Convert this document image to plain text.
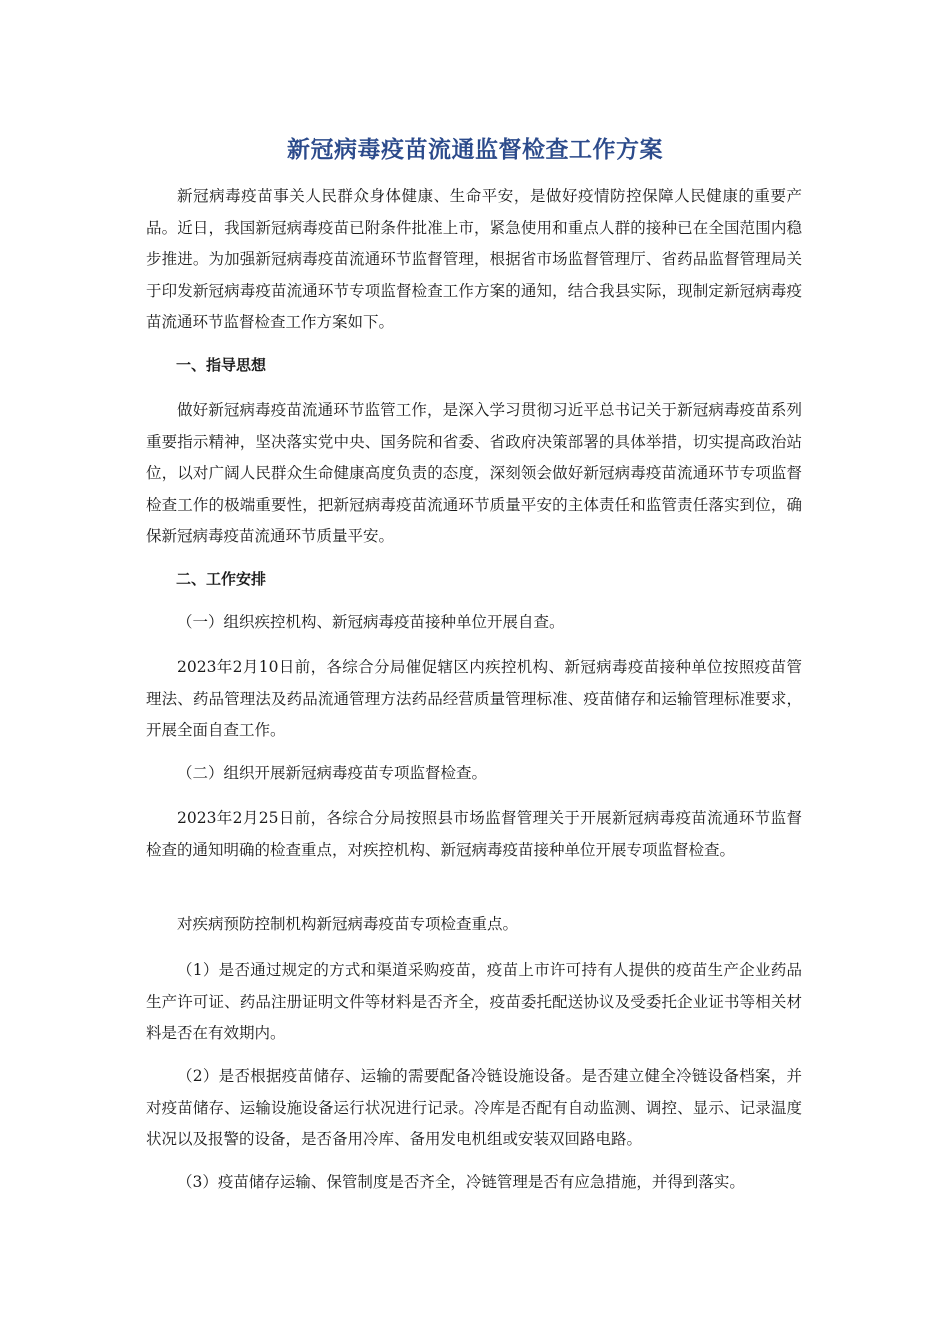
新冠病毒疫苗流通监督检查工作方案

新冠病毒疫苗事关人民群众身体健康、生命平安，是做好疫情防控保障人民健康的重要产品。近日，我国新冠病毒疫苗已附条件批准上市，紧急使用和重点人群的接种已在全国范围内稳步推进。为加强新冠病毒疫苗流通环节监督管理，根据省市场监督管理厅、省药品监督管理局关于印发新冠病毒疫苗流通环节专项监督检查工作方案的通知，结合我县实际，现制定新冠病毒疫苗流通环节监督检查工作方案如下。

一、指导思想

做好新冠病毒疫苗流通环节监管工作，是深入学习贯彻习近平总书记关于新冠病毒疫苗系列重要指示精神，坚决落实党中央、国务院和省委、省政府决策部署的具体举措，切实提高政治站位，以对广阔人民群众生命健康高度负责的态度，深刻领会做好新冠病毒疫苗流通环节专项监督检查工作的极端重要性，把新冠病毒疫苗流通环节质量平安的主体责任和监管责任落实到位，确保新冠病毒疫苗流通环节质量平安。

二、工作安排

（一）组织疾控机构、新冠病毒疫苗接种单位开展自查。

2023年2月10日前，各综合分局催促辖区内疾控机构、新冠病毒疫苗接种单位按照疫苗管理法、药品管理法及药品流通管理方法药品经营质量管理标准、疫苗储存和运输管理标准要求，开展全面自查工作。

（二）组织开展新冠病毒疫苗专项监督检查。

2023年2月25日前，各综合分局按照县市场监督管理关于开展新冠病毒疫苗流通环节监督检查的通知明确的检查重点，对疾控机构、新冠病毒疫苗接种单位开展专项监督检查。

对疾病预防控制机构新冠病毒疫苗专项检查重点。

（1）是否通过规定的方式和渠道采购疫苗，疫苗上市许可持有人提供的疫苗生产企业药品生产许可证、药品注册证明文件等材料是否齐全，疫苗委托配送协议及受委托企业证书等相关材料是否在有效期内。

（2）是否根据疫苗储存、运输的需要配备冷链设施设备。是否建立健全冷链设备档案，并对疫苗储存、运输设施设备运行状况进行记录。冷库是否配有自动监测、调控、显示、记录温度状况以及报警的设备，是否备用冷库、备用发电机组或安装双回路电路。

（3）疫苗储存运输、保管制度是否齐全，冷链管理是否有应急措施，并得到落实。
